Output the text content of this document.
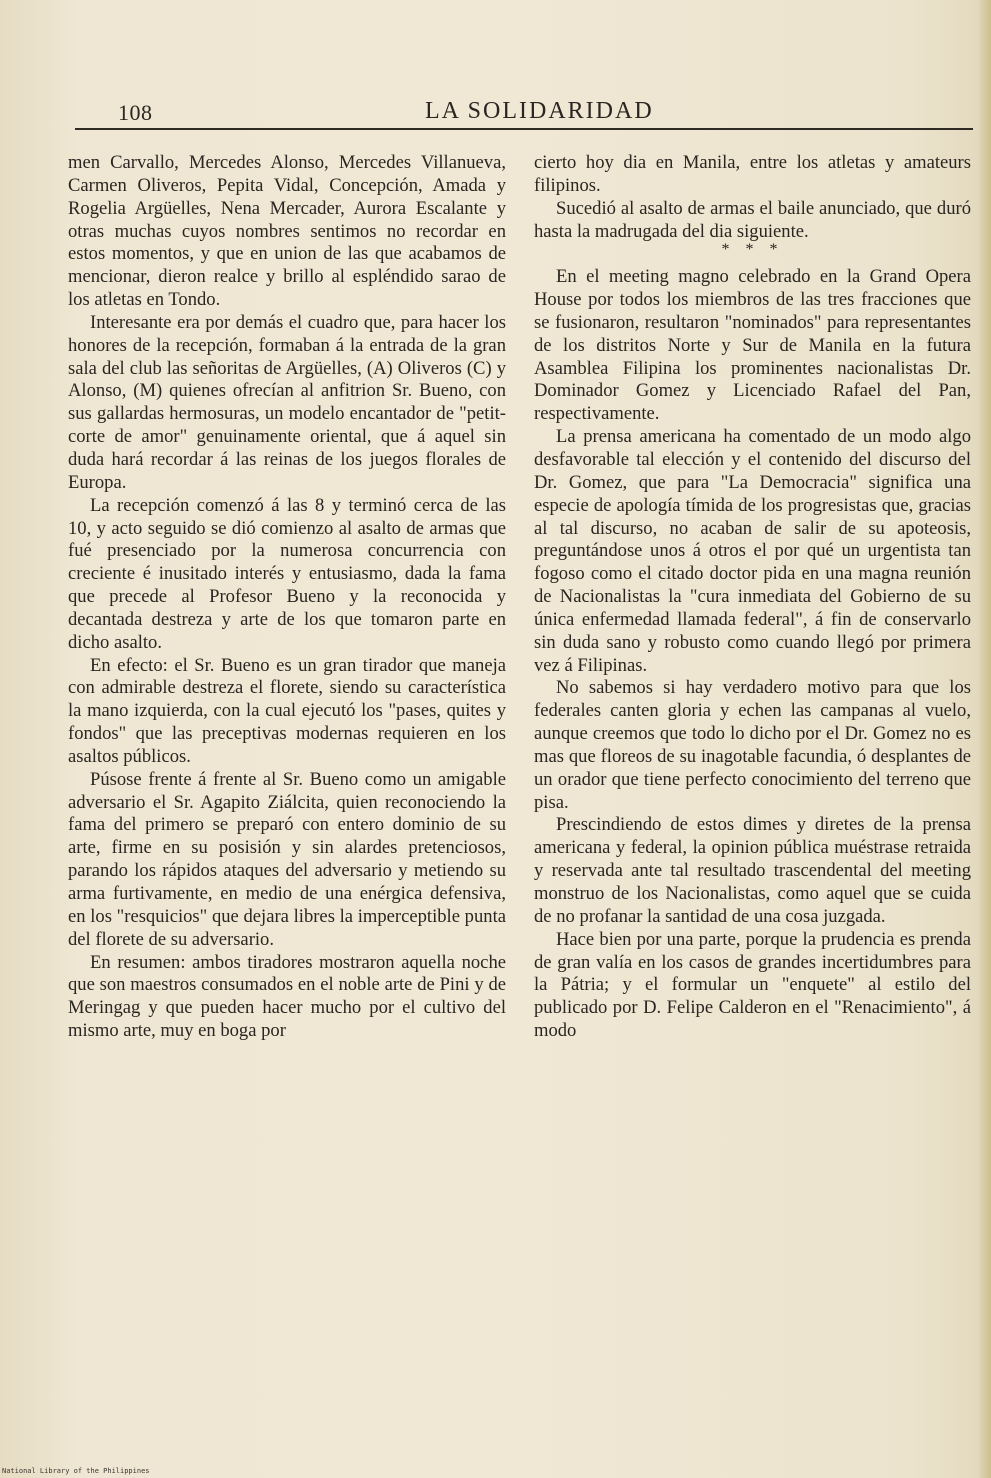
108	LA SOLIDARIDAD

men Carvallo, Mercedes Alonso, Mercedes Villanueva, Carmen Oliveros, Pepita Vidal, Concepción, Amada y Rogelia Argüelles, Nena Mercader, Aurora Escalante y otras muchas cuyos nombres sentimos no recordar en estos momentos, y que en union de las que acabamos de mencionar, dieron realce y brillo al espléndido sarao de los atletas en Tondo.

Interesante era por demás el cuadro que, para hacer los honores de la recepción, formaban á la entrada de la gran sala del club las señoritas de Argüelles, (A) Oliveros (C) y Alonso, (M) quienes ofrecían al anfitrion Sr. Bueno, con sus gallardas hermosuras, un modelo encantador de "petit-corte de amor" genuinamente oriental, que á aquel sin duda hará recordar á las reinas de los juegos florales de Europa.

La recepción comenzó á las 8 y terminó cerca de las 10, y acto seguido se dió comienzo al asalto de armas que fué presenciado por la numerosa concurrencia con creciente é inusitado interés y entusiasmo, dada la fama que precede al Profesor Bueno y la reconocida y decantada destreza y arte de los que tomaron parte en dicho asalto.

En efecto: el Sr. Bueno es un gran tirador que maneja con admirable destreza el florete, siendo su característica la mano izquierda, con la cual ejecutó los "pases, quites y fondos" que las preceptivas modernas requieren en los asaltos públicos.

Púsose frente á frente al Sr. Bueno como un amigable adversario el Sr. Agapito Ziálcita, quien reconociendo la fama del primero se preparó con entero dominio de su arte, firme en su posisión y sin alardes pretenciosos, parando los rápidos ataques del adversario y metiendo su arma furtivamente, en medio de una enérgica defensiva, en los "resquicios" que dejara libres la imperceptible punta del florete de su adversario.

En resumen: ambos tiradores mostraron aquella noche que son maestros consumados en el noble arte de Pini y de Meringag y que pueden hacer mucho por el cultivo del mismo arte, muy en boga por

cierto hoy dia en Manila, entre los atletas y amateurs filipinos.

Sucedió al asalto de armas el baile anunciado, que duró hasta la madrugada del dia siguiente.

* * *

En el meeting magno celebrado en la Grand Opera House por todos los miembros de las tres fracciones que se fusionaron, resultaron "nominados" para representantes de los distritos Norte y Sur de Manila en la futura Asamblea Filipina los prominentes nacionalistas Dr. Dominador Gomez y Licenciado Rafael del Pan, respectivamente.

La prensa americana ha comentado de un modo algo desfavorable tal elección y el contenido del discurso del Dr. Gomez, que para "La Democracia" significa una especie de apología tímida de los progresistas que, gracias al tal discurso, no acaban de salir de su apoteosis, preguntándose unos á otros el por qué un urgentista tan fogoso como el citado doctor pida en una magna reunión de Nacionalistas la "cura inmediata del Gobierno de su única enfermedad llamada federal", á fin de conservarlo sin duda sano y robusto como cuando llegó por primera vez á Filipinas.

No sabemos si hay verdadero motivo para que los federales canten gloria y echen las campanas al vuelo, aunque creemos que todo lo dicho por el Dr. Gomez no es mas que floreos de su inagotable facundia, ó desplantes de un orador que tiene perfecto conocimiento del terreno que pisa.

Prescindiendo de estos dimes y diretes de la prensa americana y federal, la opinion pública muéstrase retraida y reservada ante tal resultado trascendental del meeting monstruo de los Nacionalistas, como aquel que se cuida de no profanar la santidad de una cosa juzgada.

Hace bien por una parte, porque la prudencia es prenda de gran valía en los casos de grandes incertidumbres para la Pátria; y el formular un "enquete" al estilo del publicado por D. Felipe Calderon en el "Renacimiento", á modo

National Library of the Philippines
